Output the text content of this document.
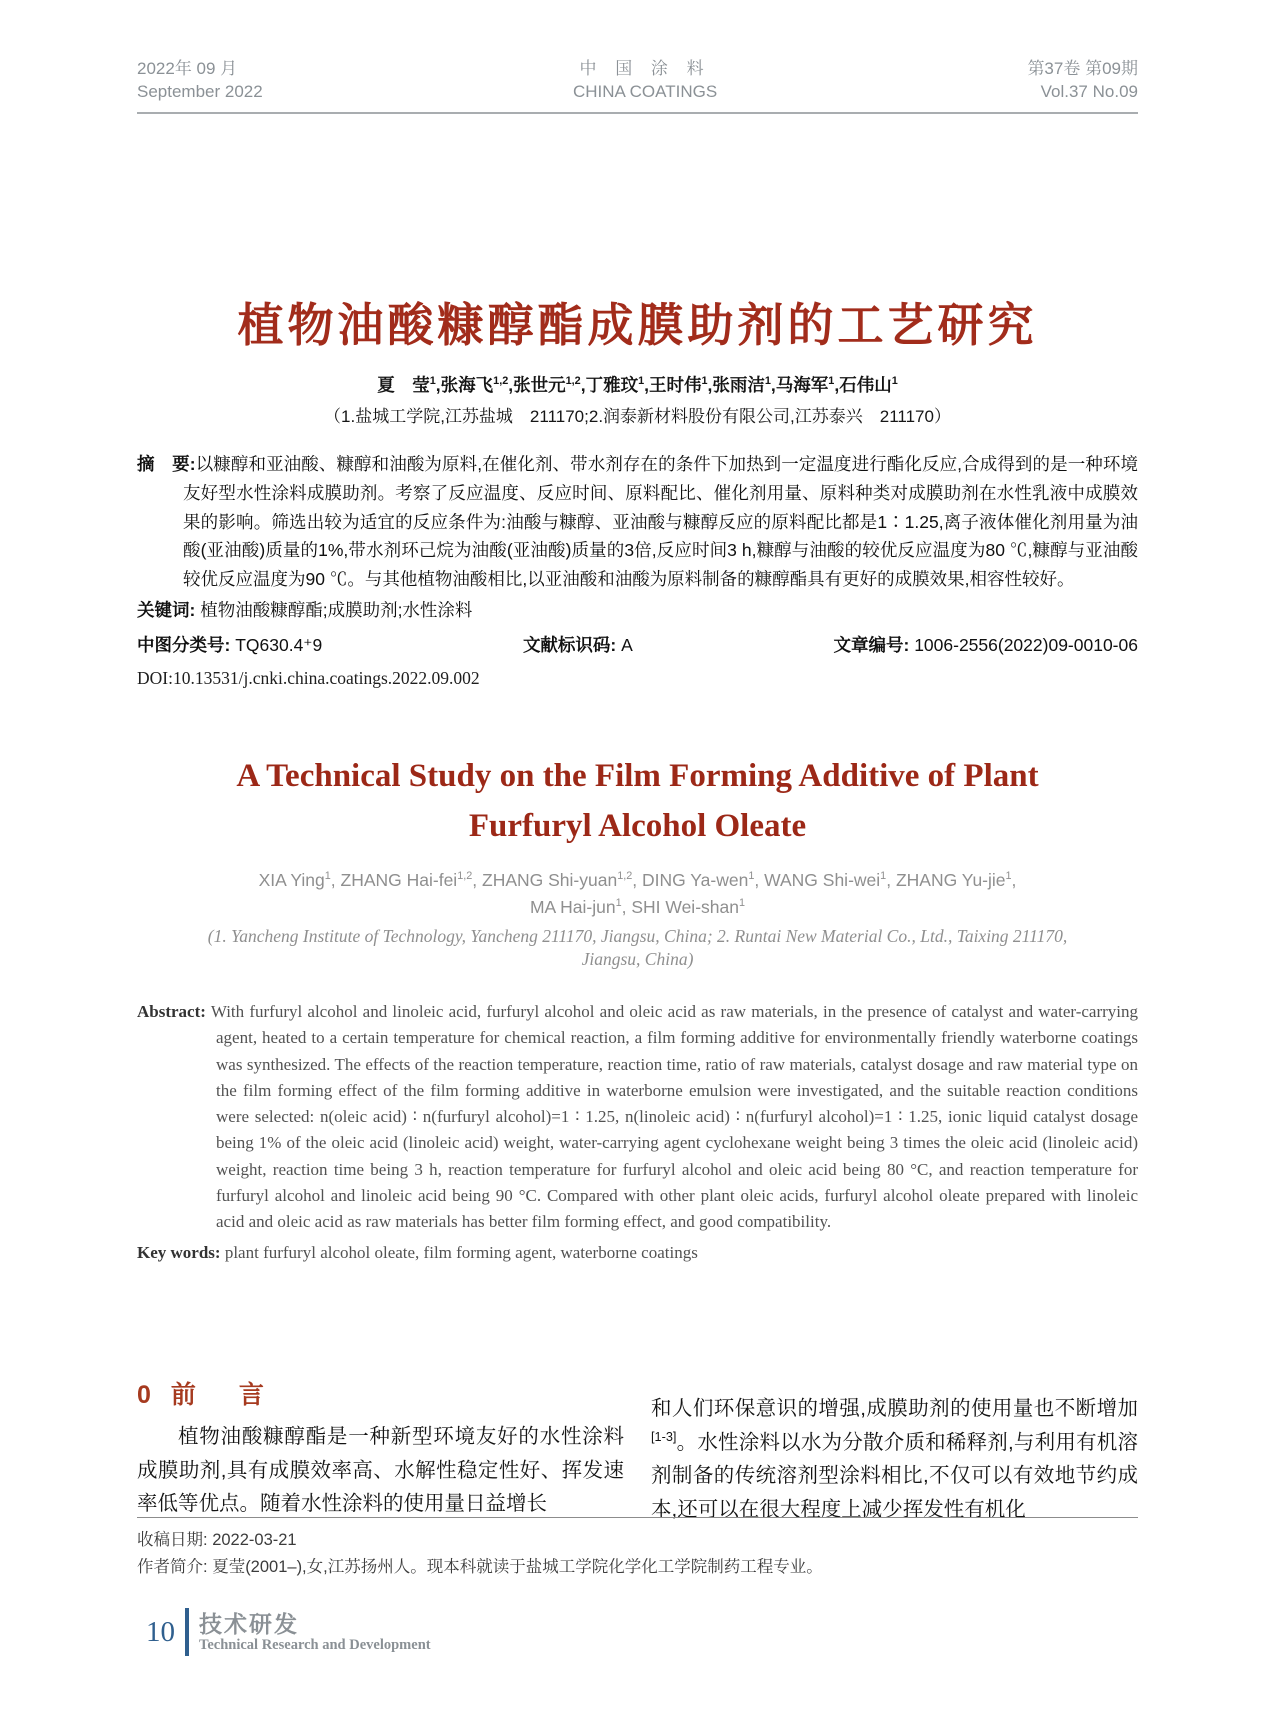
2022年 09 月
September 2022
中 国 涂 料
CHINA COATINGS
第37卷 第09期
Vol.37 No.09
植物油酸糠醇酯成膜助剂的工艺研究
夏　莹$^1$,张海飞$^{1,2}$,张世元$^{1,2}$,丁雅玟$^1$,王时伟$^1$,张雨洁$^1$,马海军$^1$,石伟山$^1$
（1.盐城工学院,江苏盐城　211170;2.润泰新材料股份有限公司,江苏泰兴　211170）
摘　要:以糠醇和亚油酸、糠醇和油酸为原料,在催化剂、带水剂存在的条件下加热到一定温度进行酯化反应,合成得到的是一种环境友好型水性涂料成膜助剂。考察了反应温度、反应时间、原料配比、催化剂用量、原料种类对成膜助剂在水性乳液中成膜效果的影响。筛选出较为适宜的反应条件为:油酸与糠醇、亚油酸与糠醇反应的原料配比都是1∶1.25,离子液体催化剂用量为油酸(亚油酸)质量的1%,带水剂环己烷为油酸(亚油酸)质量的3倍,反应时间3 h,糠醇与油酸的较优反应温度为80 ℃,糠醇与亚油酸较优反应温度为90 ℃。与其他植物油酸相比,以亚油酸和油酸为原料制备的糠醇酯具有更好的成膜效果,相容性较好。
关键词: 植物油酸糠醇酯;成膜助剂;水性涂料
中图分类号: TQ630.4⁺9	文献标识码: A	文章编号: 1006-2556(2022)09-0010-06
DOI:10.13531/j.cnki.china.coatings.2022.09.002
A Technical Study on the Film Forming Additive of Plant
Furfuryl Alcohol Oleate
XIA Ying$^1$, ZHANG Hai-fei$^{1,2}$, ZHANG Shi-yuan$^{1,2}$, DING Ya-wen$^1$, WANG Shi-wei$^1$, ZHANG Yu-jie$^1$,
MA Hai-jun$^1$, SHI Wei-shan$^1$
(1. Yancheng Institute of Technology, Yancheng 211170, Jiangsu, China; 2. Runtai New Material Co., Ltd., Taixing 211170,
Jiangsu, China)
Abstract: With furfuryl alcohol and linoleic acid, furfuryl alcohol and oleic acid as raw materials, in the presence of catalyst and water-carrying agent, heated to a certain temperature for chemical reaction, a film forming additive for environmentally friendly waterborne coatings was synthesized. The effects of the reaction temperature, reaction time, ratio of raw materials, catalyst dosage and raw material type on the film forming effect of the film forming additive in waterborne emulsion were investigated, and the suitable reaction conditions were selected: n(oleic acid) ∶ n(furfuryl alcohol)=1 ∶ 1.25, n(linoleic acid) ∶ n(furfuryl alcohol)=1 ∶ 1.25, ionic liquid catalyst dosage being 1% of the oleic acid (linoleic acid) weight, water-carrying agent cyclohexane weight being 3 times the oleic acid (linoleic acid) weight, reaction time being 3 h, reaction temperature for furfuryl alcohol and oleic acid being 80 °C, and reaction temperature for furfuryl alcohol and linoleic acid being 90 °C. Compared with other plant oleic acids, furfuryl alcohol oleate prepared with linoleic acid and oleic acid as raw materials has better film forming effect, and good compatibility.
Key words: plant furfuryl alcohol oleate, film forming agent, waterborne coatings
0 前 言
植物油酸糠醇酯是一种新型环境友好的水性涂料成膜助剂,具有成膜效率高、水解性稳定性好、挥发速率低等优点。随着水性涂料的使用量日益增长
和人们环保意识的增强,成膜助剂的使用量也不断增加[1-3]。水性涂料以水为分散介质和稀释剂,与利用有机溶剂制备的传统溶剂型涂料相比,不仅可以有效地节约成本,还可以在很大程度上减少挥发性有机化
收稿日期: 2022-03-21
作者简介: 夏莹(2001–),女,江苏扬州人。现本科就读于盐城工学院化学化工学院制药工程专业。
10 技术研发
Technical Research and Development
